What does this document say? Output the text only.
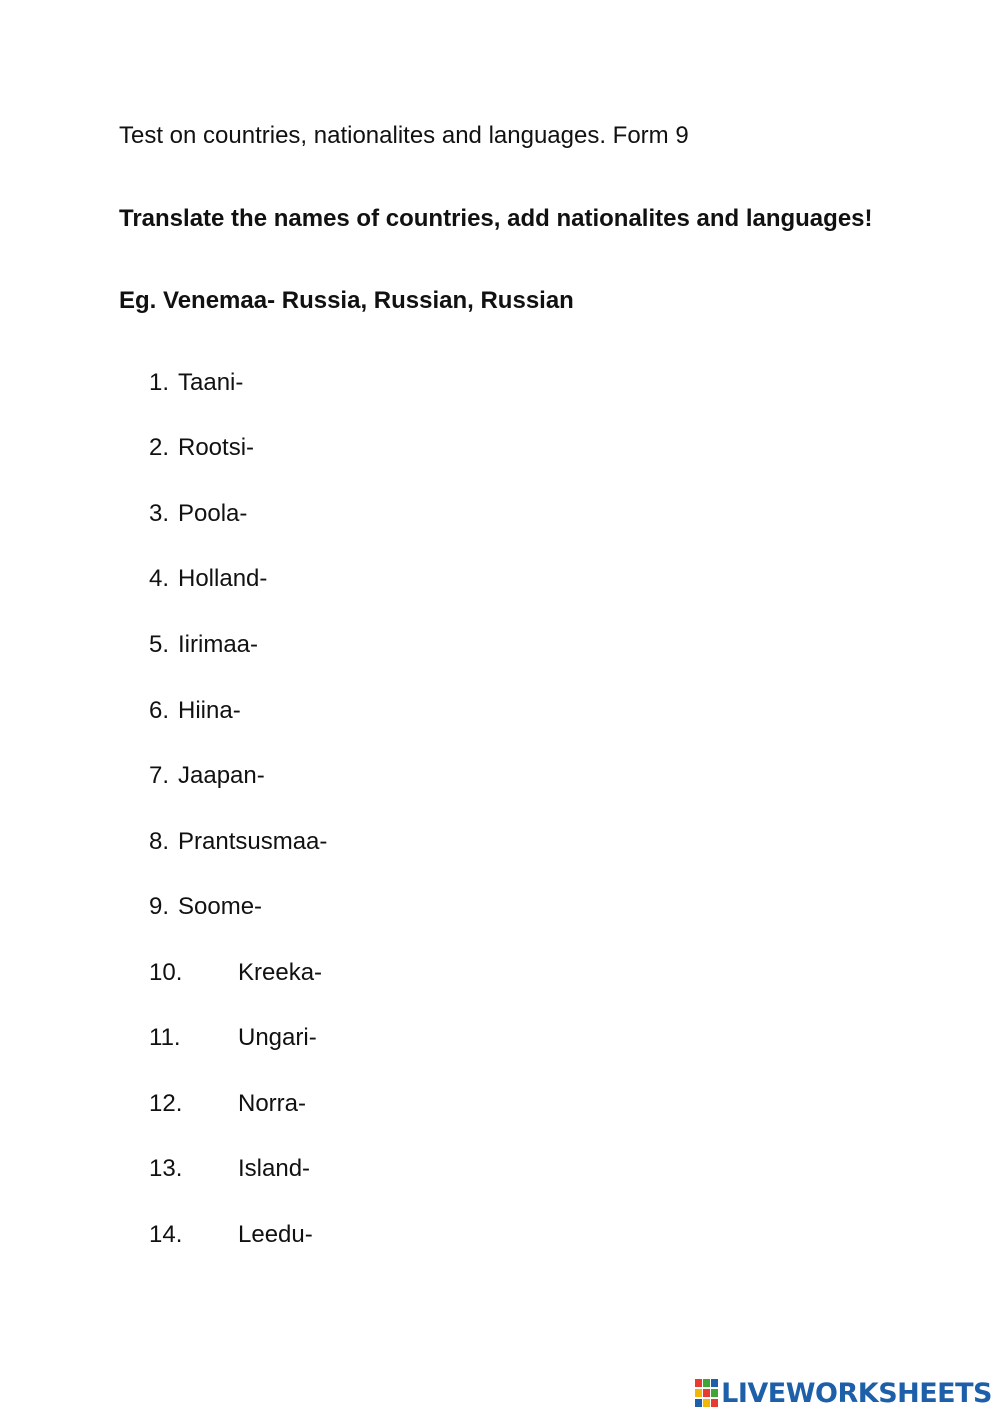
Test on countries, nationalites and languages. Form 9
Translate the names of countries, add nationalites and languages!
Eg. Venemaa- Russia, Russian, Russian
1. Taani-
2. Rootsi-
3. Poola-
4. Holland-
5. Iirimaa-
6. Hiina-
7. Jaapan-
8. Prantsusmaa-
9. Soome-
10. Kreeka-
11. Ungari-
12. Norra-
13. Island-
14. Leedu-
LIVEWORKSHEETS
